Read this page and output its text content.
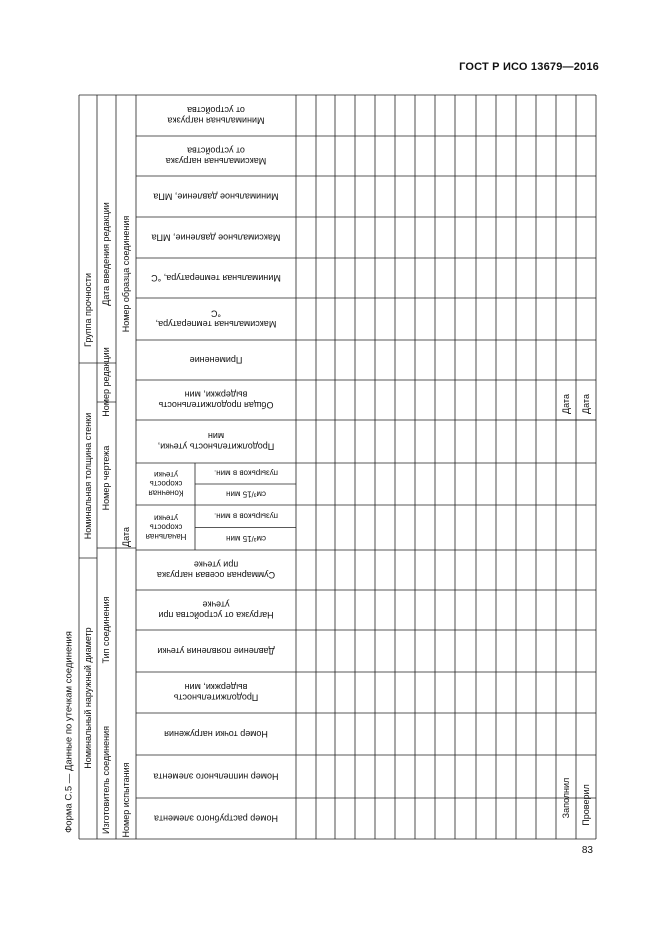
ГОСТ Р ИСО 13679—2016
Форма С.5 — Данные по утечкам соединения Номинальный наружный диаметр
Изготовитель соединения Номер испытания
Номинальная толщина стенки
Тип соединения
Дата
Группа прочности
Номер чертежа
Номер редакции
Дата введения редакции Номер образца соединения
Номер раструбного элемента
Номер ниппельного элемента
Номер точки нагружения
Продолжительностьвыдержки, мин
Давление появления утечки
Нагрузка от устройства приутечке
Суммарная осевая нагрузкапри утечке
Начальнаяскоростьутечки
см³/15 мин
пузырьков в мин.
Конечнаяскоростьутечки
см³/15 мин
пузырьков в мин.
Продолжительность утечки,мин
Общая продолжительностьвыдержки, мин
Применение
Максимальная температура,°С
Минимальная температура, °С
Максимальное давление, МПа
Минимальное давление, МПа
Максимальная нагрузкаот устройства
Минимальная нагрузкаот устройства
Заполнил Проверил
Дата Дата
83
